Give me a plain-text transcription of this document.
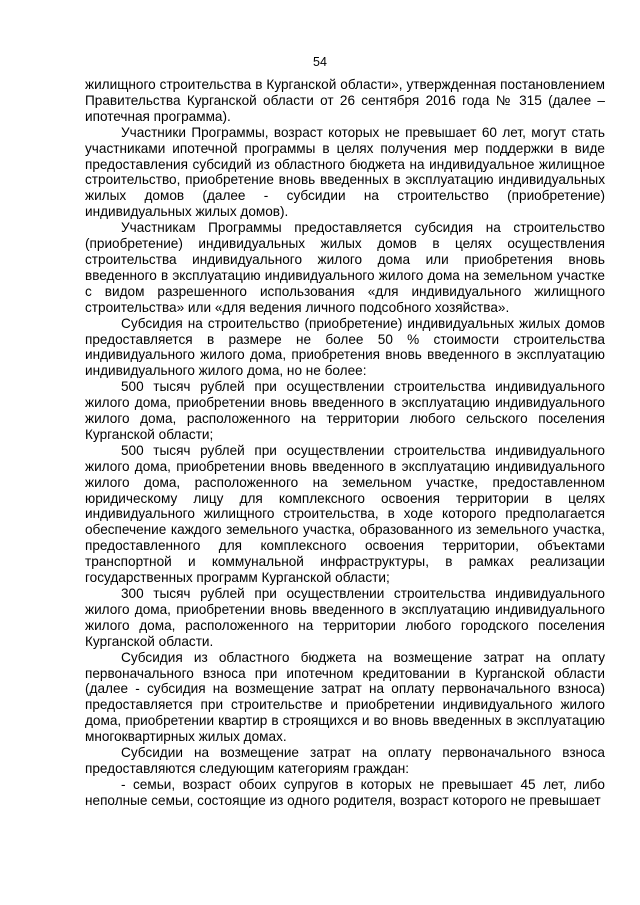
54

жилищного строительства в Курганской области», утвержденная постановлением Правительства Курганской области от 26 сентября 2016 года № 315 (далее – ипотечная программа).

Участники Программы, возраст которых не превышает 60 лет, могут стать участниками ипотечной программы в целях получения мер поддержки в виде предоставления субсидий из областного бюджета на индивидуальное жилищное строительство, приобретение вновь введенных в эксплуатацию индивидуальных жилых домов (далее - субсидии на строительство (приобретение) индивидуальных жилых домов).

Участникам Программы предоставляется субсидия на строительство (приобретение) индивидуальных жилых домов в целях осуществления строительства индивидуального жилого дома или приобретения вновь введенного в эксплуатацию индивидуального жилого дома на земельном участке с видом разрешенного использования «для индивидуального жилищного строительства» или «для ведения личного подсобного хозяйства».

Субсидия на строительство (приобретение) индивидуальных жилых домов предоставляется в размере не более 50 % стоимости строительства индивидуального жилого дома, приобретения вновь введенного в эксплуатацию индивидуального жилого дома, но не более:

500 тысяч рублей при осуществлении строительства индивидуального жилого дома, приобретении вновь введенного в эксплуатацию индивидуального жилого дома, расположенного на территории любого сельского поселения Курганской области;

500 тысяч рублей при осуществлении строительства индивидуального жилого дома, приобретении вновь введенного в эксплуатацию индивидуального жилого дома, расположенного на земельном участке, предоставленном юридическому лицу для комплексного освоения территории в целях индивидуального жилищного строительства, в ходе которого предполагается обеспечение каждого земельного участка, образованного из земельного участка, предоставленного для комплексного освоения территории, объектами транспортной и коммунальной инфраструктуры, в рамках реализации государственных программ Курганской области;

300 тысяч рублей при осуществлении строительства индивидуального жилого дома, приобретении вновь введенного в эксплуатацию индивидуального жилого дома, расположенного на территории любого городского поселения Курганской области.

Субсидия из областного бюджета на возмещение затрат на оплату первоначального взноса при ипотечном кредитовании в Курганской области (далее - субсидия на возмещение затрат на оплату первоначального взноса) предоставляется при строительстве и приобретении индивидуального жилого дома, приобретении квартир в строящихся и во вновь введенных в эксплуатацию многоквартирных жилых домах.

Субсидии на возмещение затрат на оплату первоначального взноса предоставляются следующим категориям граждан:

- семьи, возраст обоих супругов в которых не превышает 45 лет, либо неполные семьи, состоящие из одного родителя, возраст которого не превышает
